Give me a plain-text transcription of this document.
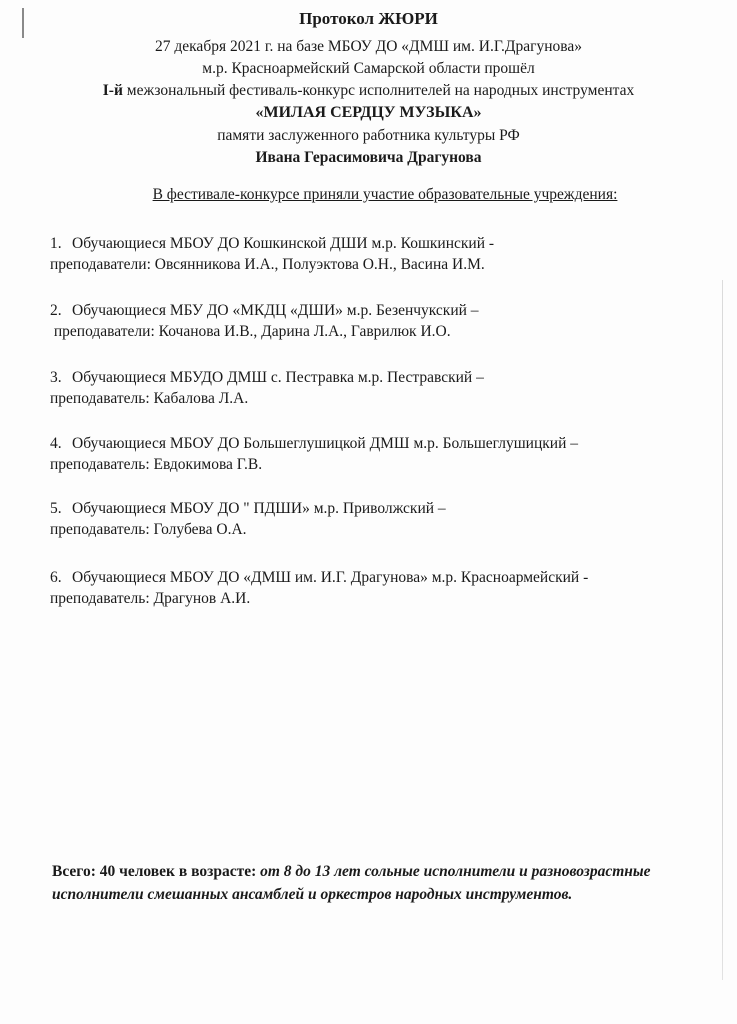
Протокол ЖЮРИ
27 декабря 2021 г. на базе МБОУ ДО «ДМШ им. И.Г.Драгунова»
м.р. Красноармейский Самарской области прошёл
I-й межзональный фестиваль-конкурс исполнителей на народных инструментах
«МИЛАЯ СЕРДЦУ МУЗЫКА»
памяти заслуженного работника культуры РФ
Ивана Герасимовича Драгунова
В фестивале-конкурсе приняли участие образовательные учреждения:
1. Обучающиеся МБОУ ДО Кошкинской ДШИ м.р. Кошкинский -
преподаватели: Овсянникова И.А., Полуэктова О.Н., Васина И.М.
2. Обучающиеся МБУ ДО «МКДЦ «ДШИ» м.р. Безенчукский –
преподаватели: Кочанова И.В., Дарина Л.А., Гаврилюк И.О.
3. Обучающиеся МБУДО ДМШ с. Пестравка м.р. Пестравский –
преподаватель: Кабалова Л.А.
4. Обучающиеся МБОУ ДО Большеглушицкой ДМШ м.р. Большеглушицкий –
преподаватель: Евдокимова Г.В.
5. Обучающиеся МБОУ ДО " ПДШИ» м.р. Приволжский –
преподаватель: Голубева О.А.
6. Обучающиеся МБОУ ДО «ДМШ им. И.Г. Драгунова» м.р. Красноармейский -
преподаватель: Драгунов А.И.
Всего: 40 человек в возрасте: от 8 до 13 лет сольные исполнители и разновозрастные
исполнители смешанных ансамблей и оркестров народных инструментов.
